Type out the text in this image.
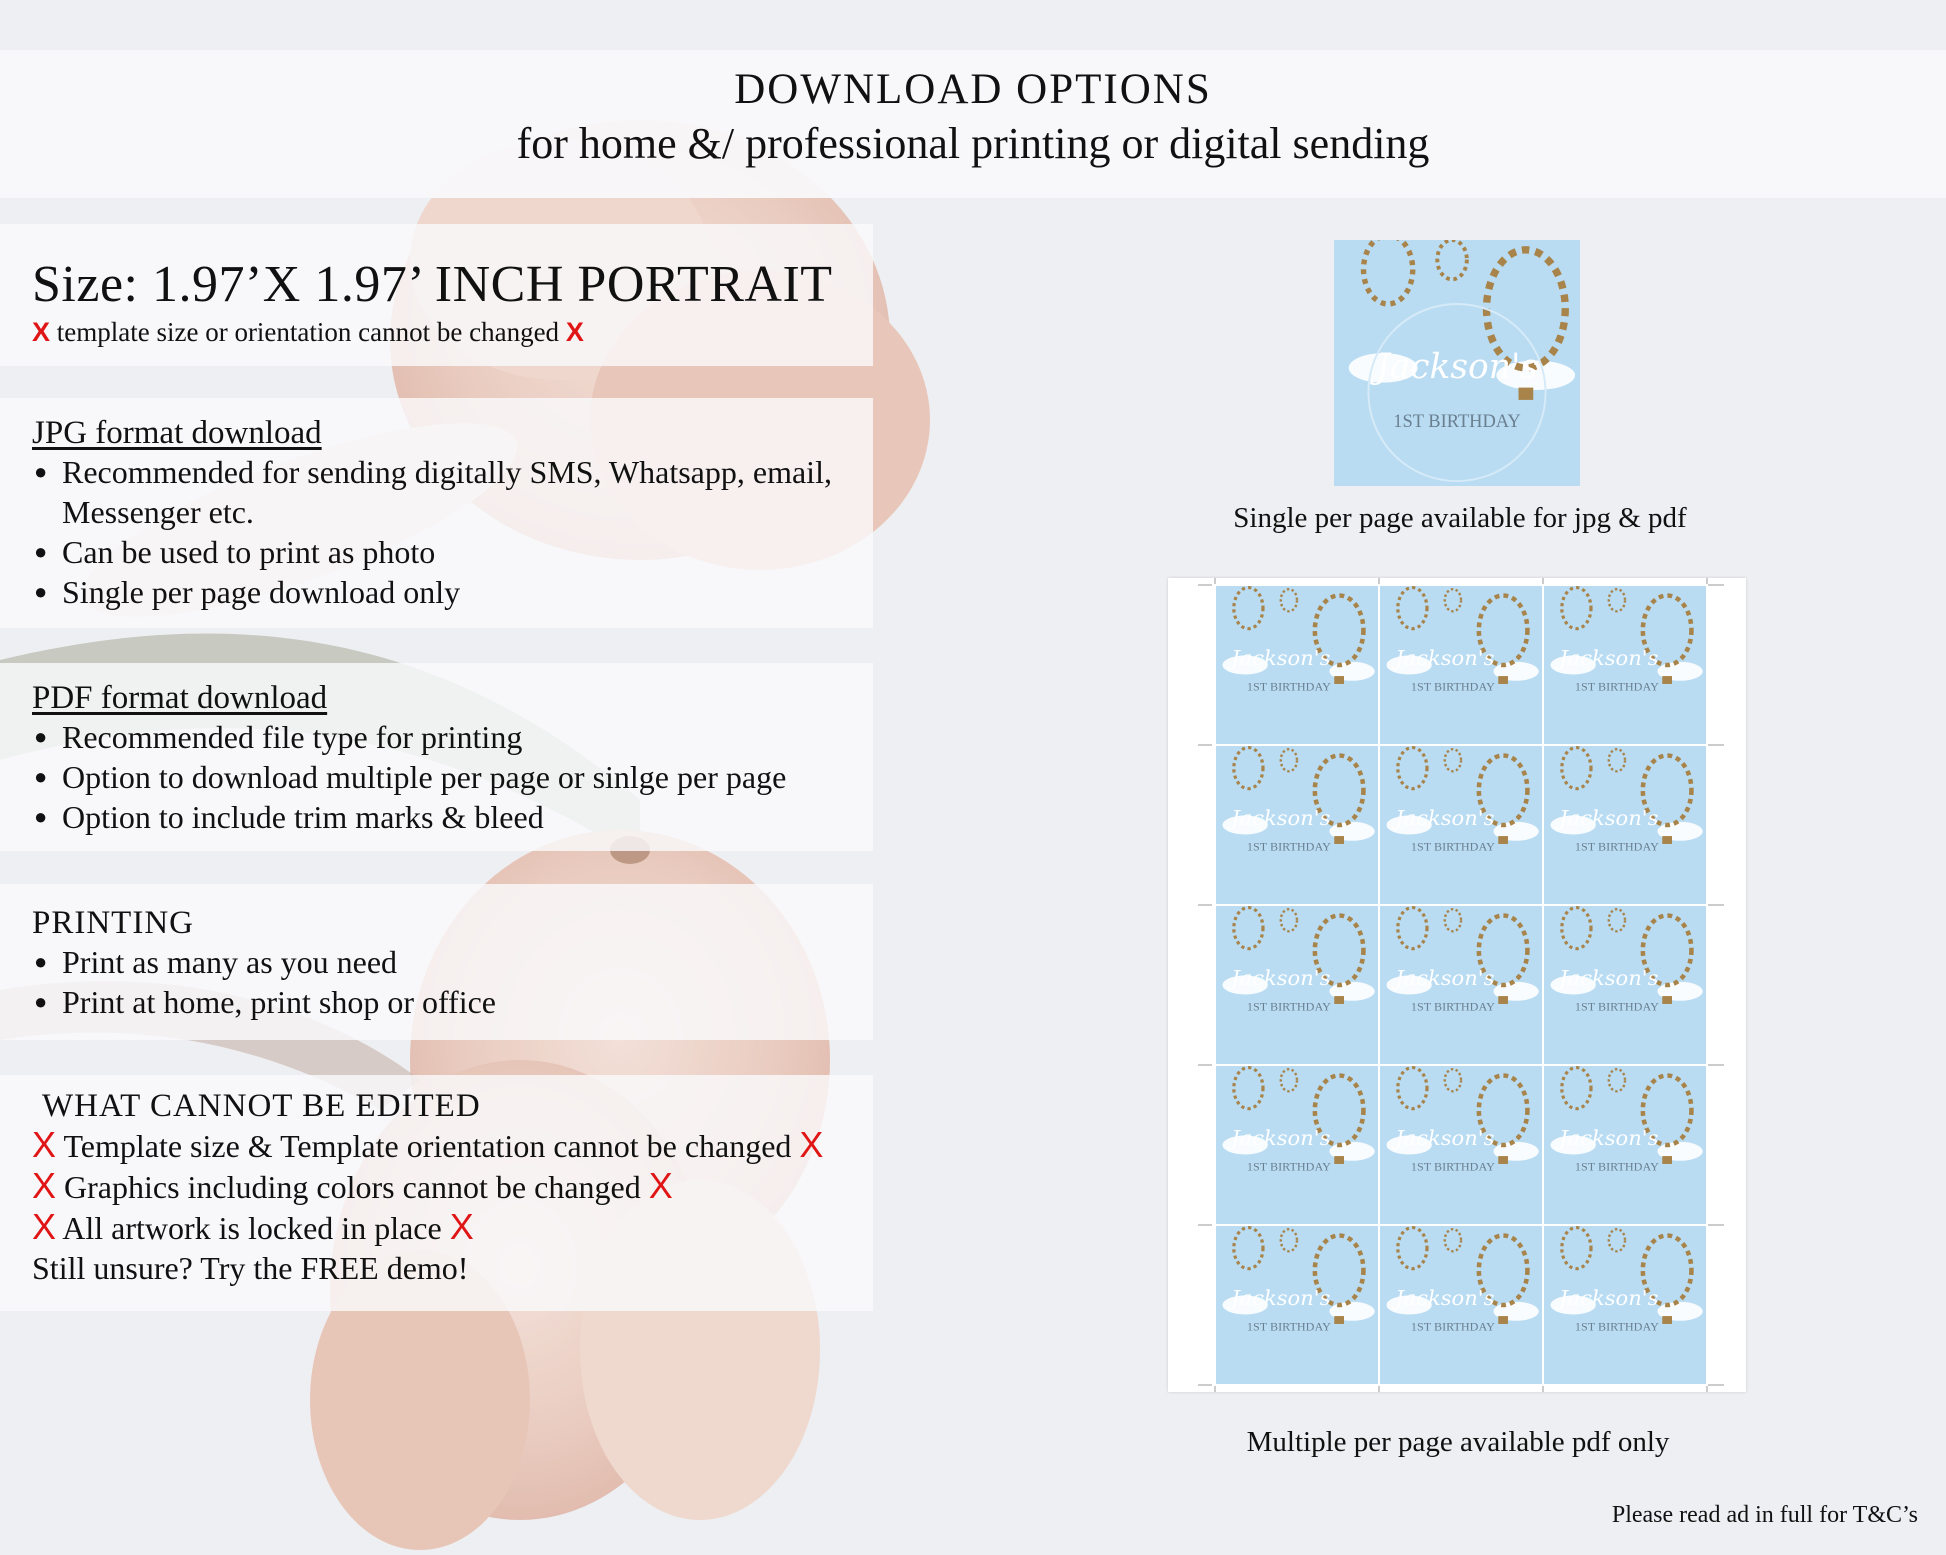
DOWNLOAD OPTIONS
for home &/ professional printing or digital sending
Size: 1.97’X 1.97’ INCH PORTRAIT
X template size or orientation cannot be changed X
JPG format download
● Recommended for sending digitally SMS, Whatsapp, email,
Messenger etc.
● Can be used to print as photo
● Single per page download only
PDF format download
● Recommended file type for printing
● Option to download multiple per page or sinlge per page
● Option to include trim marks & bleed
PRINTING
● Print as many as you need
● Print at home, print shop or office
WHAT CANNOT BE EDITED
X Template size & Template orientation cannot be changed X
X Graphics including colors cannot be changed X
X All artwork is locked in place X
Still unsure? Try the FREE demo!
Jackson's
1ST BIRTHDAY
Single per page available for jpg & pdf
Jackson's
1ST BIRTHDAY
Jackson's
1ST BIRTHDAY
Jackson's
1ST BIRTHDAY
Jackson's
1ST BIRTHDAY
Jackson's
1ST BIRTHDAY
Jackson's
1ST BIRTHDAY
Jackson's
1ST BIRTHDAY
Jackson's
1ST BIRTHDAY
Jackson's
1ST BIRTHDAY
Jackson's
1ST BIRTHDAY
Jackson's
1ST BIRTHDAY
Jackson's
1ST BIRTHDAY
Jackson's
1ST BIRTHDAY
Jackson's
1ST BIRTHDAY
Jackson's
1ST BIRTHDAY
Multiple per page available pdf only
Please read ad in full for T&C’s
